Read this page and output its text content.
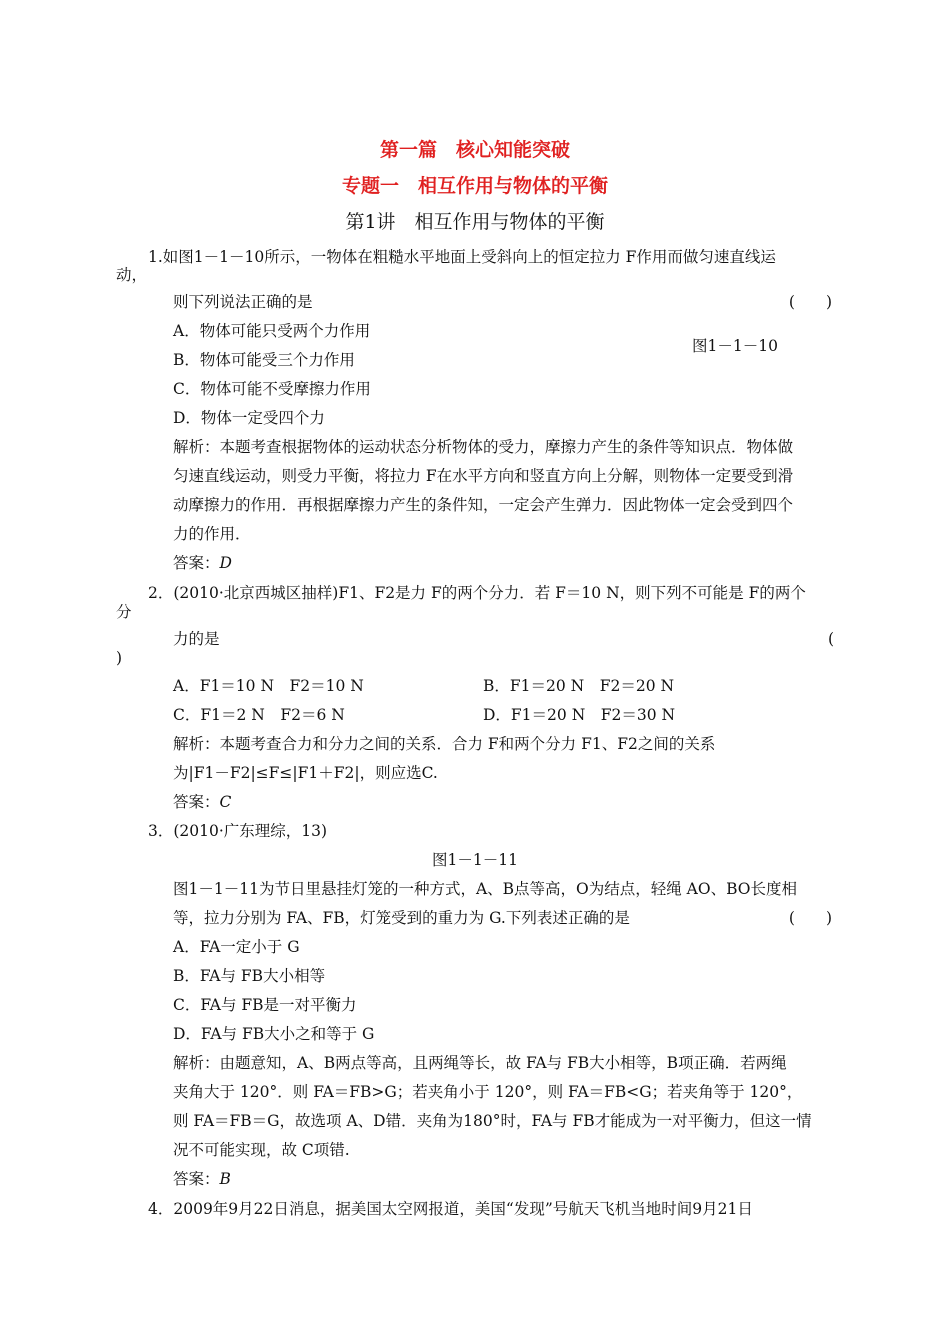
第一篇　核心知能突破
专题一　相互作用与物体的平衡
第1讲　相互作用与物体的平衡
1.如图1－1－10所示，一物体在粗糙水平地面上受斜向上的恒定拉力 F作用而做匀速直线运
动，
则下列说法正确的是	(　　)
A．物体可能只受两个力作用
图1－1－10
B．物体可能受三个力作用
C．物体可能不受摩擦力作用
D．物体一定受四个力
解析：本题考查根据物体的运动状态分析物体的受力，摩擦力产生的条件等知识点．物体做
匀速直线运动，则受力平衡，将拉力 F在水平方向和竖直方向上分解，则物体一定要受到滑
动摩擦力的作用．再根据摩擦力产生的条件知，一定会产生弹力．因此物体一定会受到四个
力的作用．
答案：D
2．(2010·北京西城区抽样)F1、F2是力 F的两个分力．若 F＝10 N，则下列不可能是 F的两个
分
力的是	(
)
A．F1＝10 N　F2＝10 N	B．F1＝20 N　F2＝20 N
C．F1＝2 N　F2＝6 N	D．F1＝20 N　F2＝30 N
解析：本题考查合力和分力之间的关系．合力 F和两个分力 F1、F2之间的关系
为|F1－F2|≤F≤|F1＋F2|，则应选C.
答案：C
3．(2010·广东理综，13)
图1－1－11
图1－1－11为节日里悬挂灯笼的一种方式，A、B点等高，O为结点，轻绳 AO、BO长度相
等，拉力分别为 FA、FB，灯笼受到的重力为 G.下列表述正确的是	(　　)
A．FA一定小于 G
B．FA与 FB大小相等
C．FA与 FB是一对平衡力
D．FA与 FB大小之和等于 G
解析：由题意知，A、B两点等高，且两绳等长，故 FA与 FB大小相等，B项正确．若两绳
夹角大于 120°．则 FA＝FB>G；若夹角小于 120°，则 FA＝FB<G；若夹角等于 120°，
则 FA＝FB＝G，故选项 A、D错．夹角为180°时，FA与 FB才能成为一对平衡力，但这一情
况不可能实现，故 C项错.
答案：B
4．2009年9月22日消息，据美国太空网报道，美国“发现”号航天飞机当地时间9月21日
